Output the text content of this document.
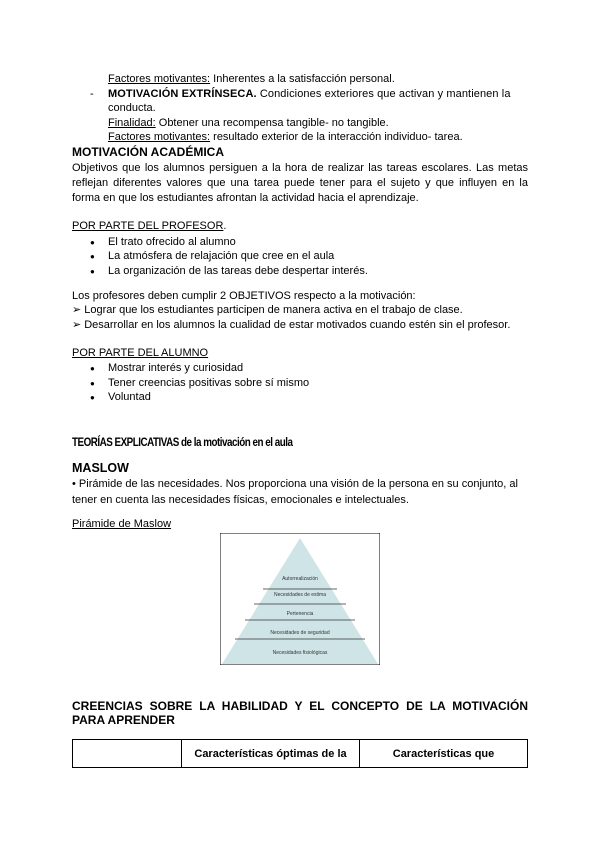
Factores motivantes: Inherentes a la satisfacción personal.
- MOTIVACIÓN EXTRÍNSECA. Condiciones exteriores que activan y mantienen la
conducta.
Finalidad: Obtener una recompensa tangible- no tangible.
Factores motivantes: resultado exterior de la interacción individuo- tarea.
MOTIVACIÓN ACADÉMICA
Objetivos que los alumnos persiguen a la hora de realizar las tareas escolares. Las metas reflejan diferentes valores que una tarea puede tener para el sujeto y que influyen en la forma en que los estudiantes afrontan la actividad hacia el aprendizaje.
POR PARTE DEL PROFESOR.
● El trato ofrecido al alumno
● La atmósfera de relajación que cree en el aula
● La organización de las tareas debe despertar interés.
Los profesores deben cumplir 2 OBJETIVOS respecto a la motivación:
➢ Lograr que los estudiantes participen de manera activa en el trabajo de clase.
➢ Desarrollar en los alumnos la cualidad de estar motivados cuando estén sin el profesor.
POR PARTE DEL ALUMNO
● Mostrar interés y curiosidad
● Tener creencias positivas sobre sí mismo
● Voluntad
TEORÍAS EXPLICATIVAS de la motivación en el aula
MASLOW
• Pirámide de las necesidades. Nos proporciona una visión de la persona en su conjunto, al tener en cuenta las necesidades físicas, emocionales e intelectuales.
Pirámide de Maslow
Autorrealización
Necesidades de estima
Pertenencia
Necesidades de seguridad
Necesidades fisiológicas
CREENCIAS SOBRE LA HABILIDAD Y EL CONCEPTO DE LA MOTIVACIÓN
PARA APRENDER
	Características óptimas de la	Características que
